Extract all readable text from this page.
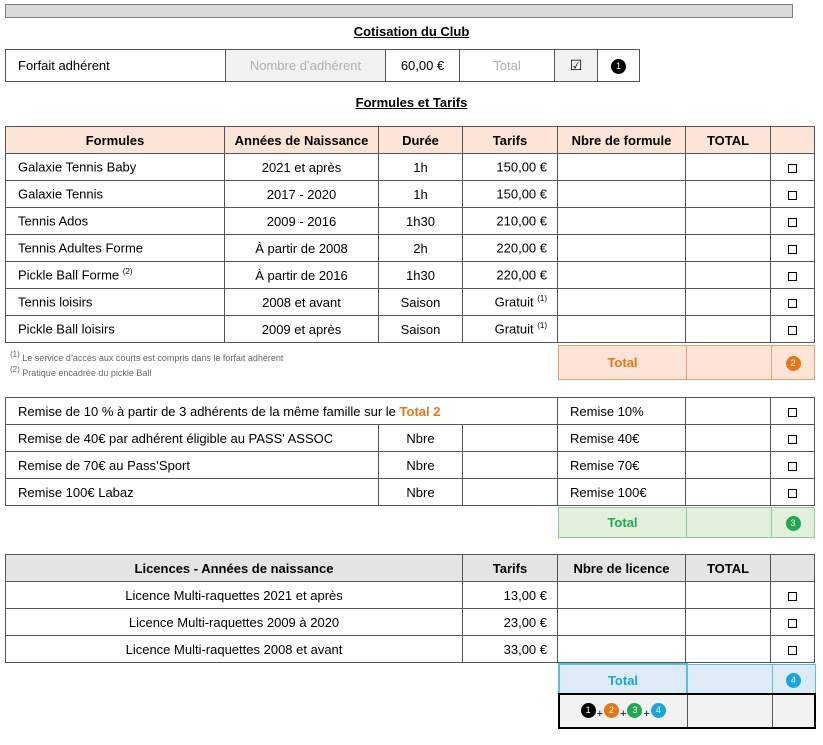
Cotisation du Club
Forfait adhérent	Nombre d’adhérent	60,00 €	Total	☑	1
Formules et Tarifs
Formules	Années de Naissance	Durée	Tarifs	Nbre de formule	TOTAL	
Galaxie Tennis Baby	2021 et après	1h	150,00 €			
Galaxie Tennis	2017 - 2020	1h	150,00 €			
Tennis Ados	2009 - 2016	1h30	210,00 €			
Tennis Adultes Forme	À partir de 2008	2h	220,00 €			
Pickle Ball Forme $^{(2)}$	À partir de 2016	1h30	220,00 €			
Tennis loisirs	2008 et avant	Saison	Gratuit $^{(1)}$			
Pickle Ball loisirs	2009 et après	Saison	Gratuit $^{(1)}$			
(1) Le service d’accès aux courts est compris dans le forfait adhérent
(2) Pratique encadrée du pickle Ball
Total		2
Remise de 10 % à partir de 3 adhérents de la même famille sur le Total 2			Remise 10%		
Remise de 40€ par adhérent éligible au PASS' ASSOC	Nbre		Remise 40€		
Remise de 70€ au Pass’Sport	Nbre		Remise 70€		
Remise 100€ Labaz	Nbre		Remise 100€		
Total		3
Licences - Années de naissance	Tarifs	Nbre de licence	TOTAL	
Licence Multi-raquettes 2021 et après	13,00 €			
Licence Multi-raquettes 2009 à 2020	23,00 €			
Licence Multi-raquettes 2008 et avant	33,00 €			
Total		4
1 $_+$ 2 $_+$ 3 $_+$ 4		
